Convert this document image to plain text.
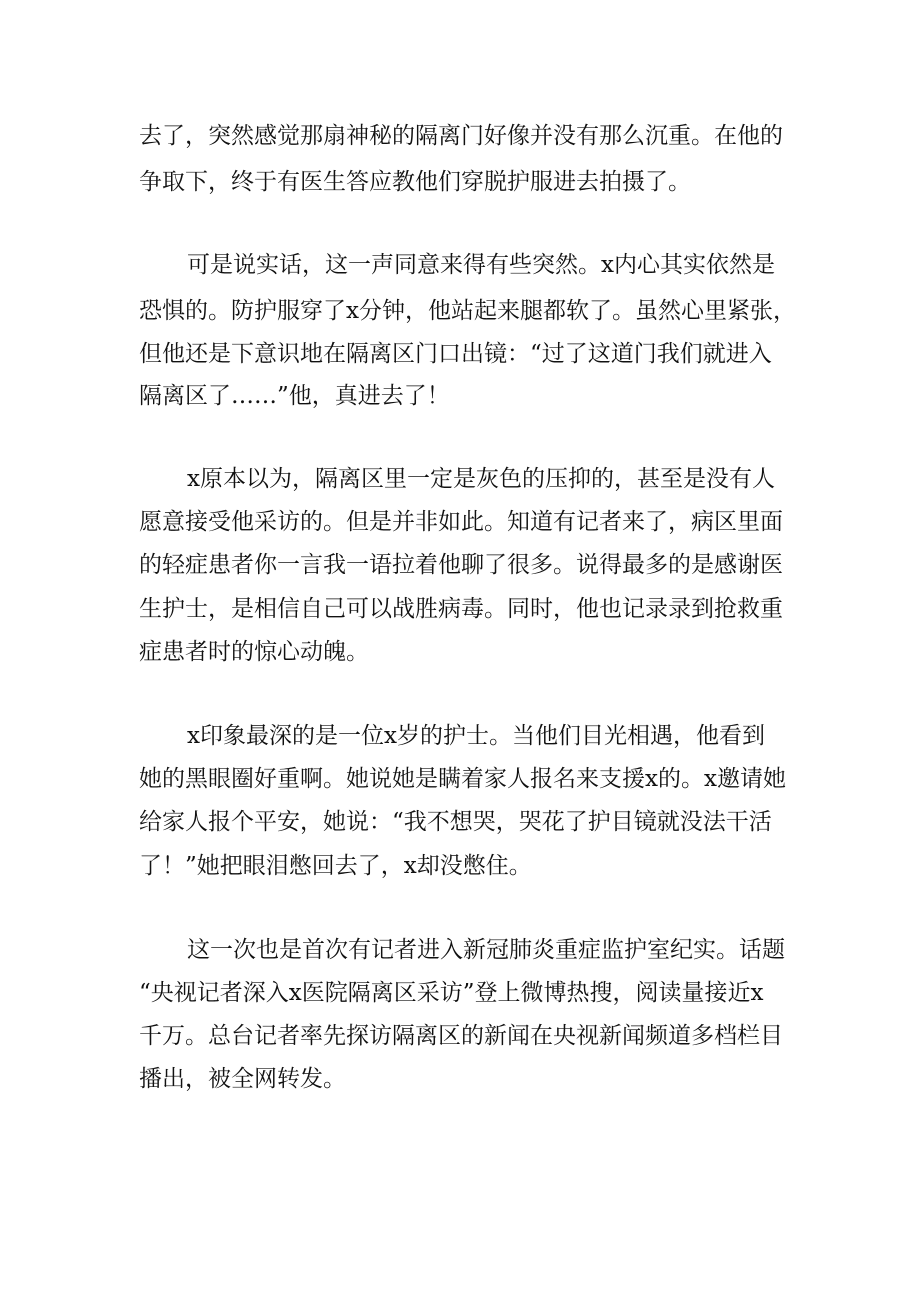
去了，突然感觉那扇神秘的隔离门好像并没有那么沉重。在他的

争取下，终于有医生答应教他们穿脱护服进去拍摄了。

可是说实话，这一声同意来得有些突然。x内心其实依然是

恐惧的。防护服穿了x分钟，他站起来腿都软了。虽然心里紧张，

但他还是下意识地在隔离区门口出镜：“过了这道门我们就进入

隔离区了……”他，真进去了！

x原本以为，隔离区里一定是灰色的压抑的，甚至是没有人

愿意接受他采访的。但是并非如此。知道有记者来了，病区里面

的轻症患者你一言我一语拉着他聊了很多。说得最多的是感谢医

生护士，是相信自己可以战胜病毒。同时，他也记录录到抢救重

症患者时的惊心动魄。

x印象最深的是一位x岁的护士。当他们目光相遇，他看到

她的黑眼圈好重啊。她说她是瞒着家人报名来支援x的。x邀请她

给家人报个平安，她说：“我不想哭，哭花了护目镜就没法干活

了！”她把眼泪憋回去了，x却没憋住。

这一次也是首次有记者进入新冠肺炎重症监护室纪实。话题

“央视记者深入x医院隔离区采访”登上微博热搜，阅读量接近x

千万。总台记者率先探访隔离区的新闻在央视新闻频道多档栏目

播出，被全网转发。
